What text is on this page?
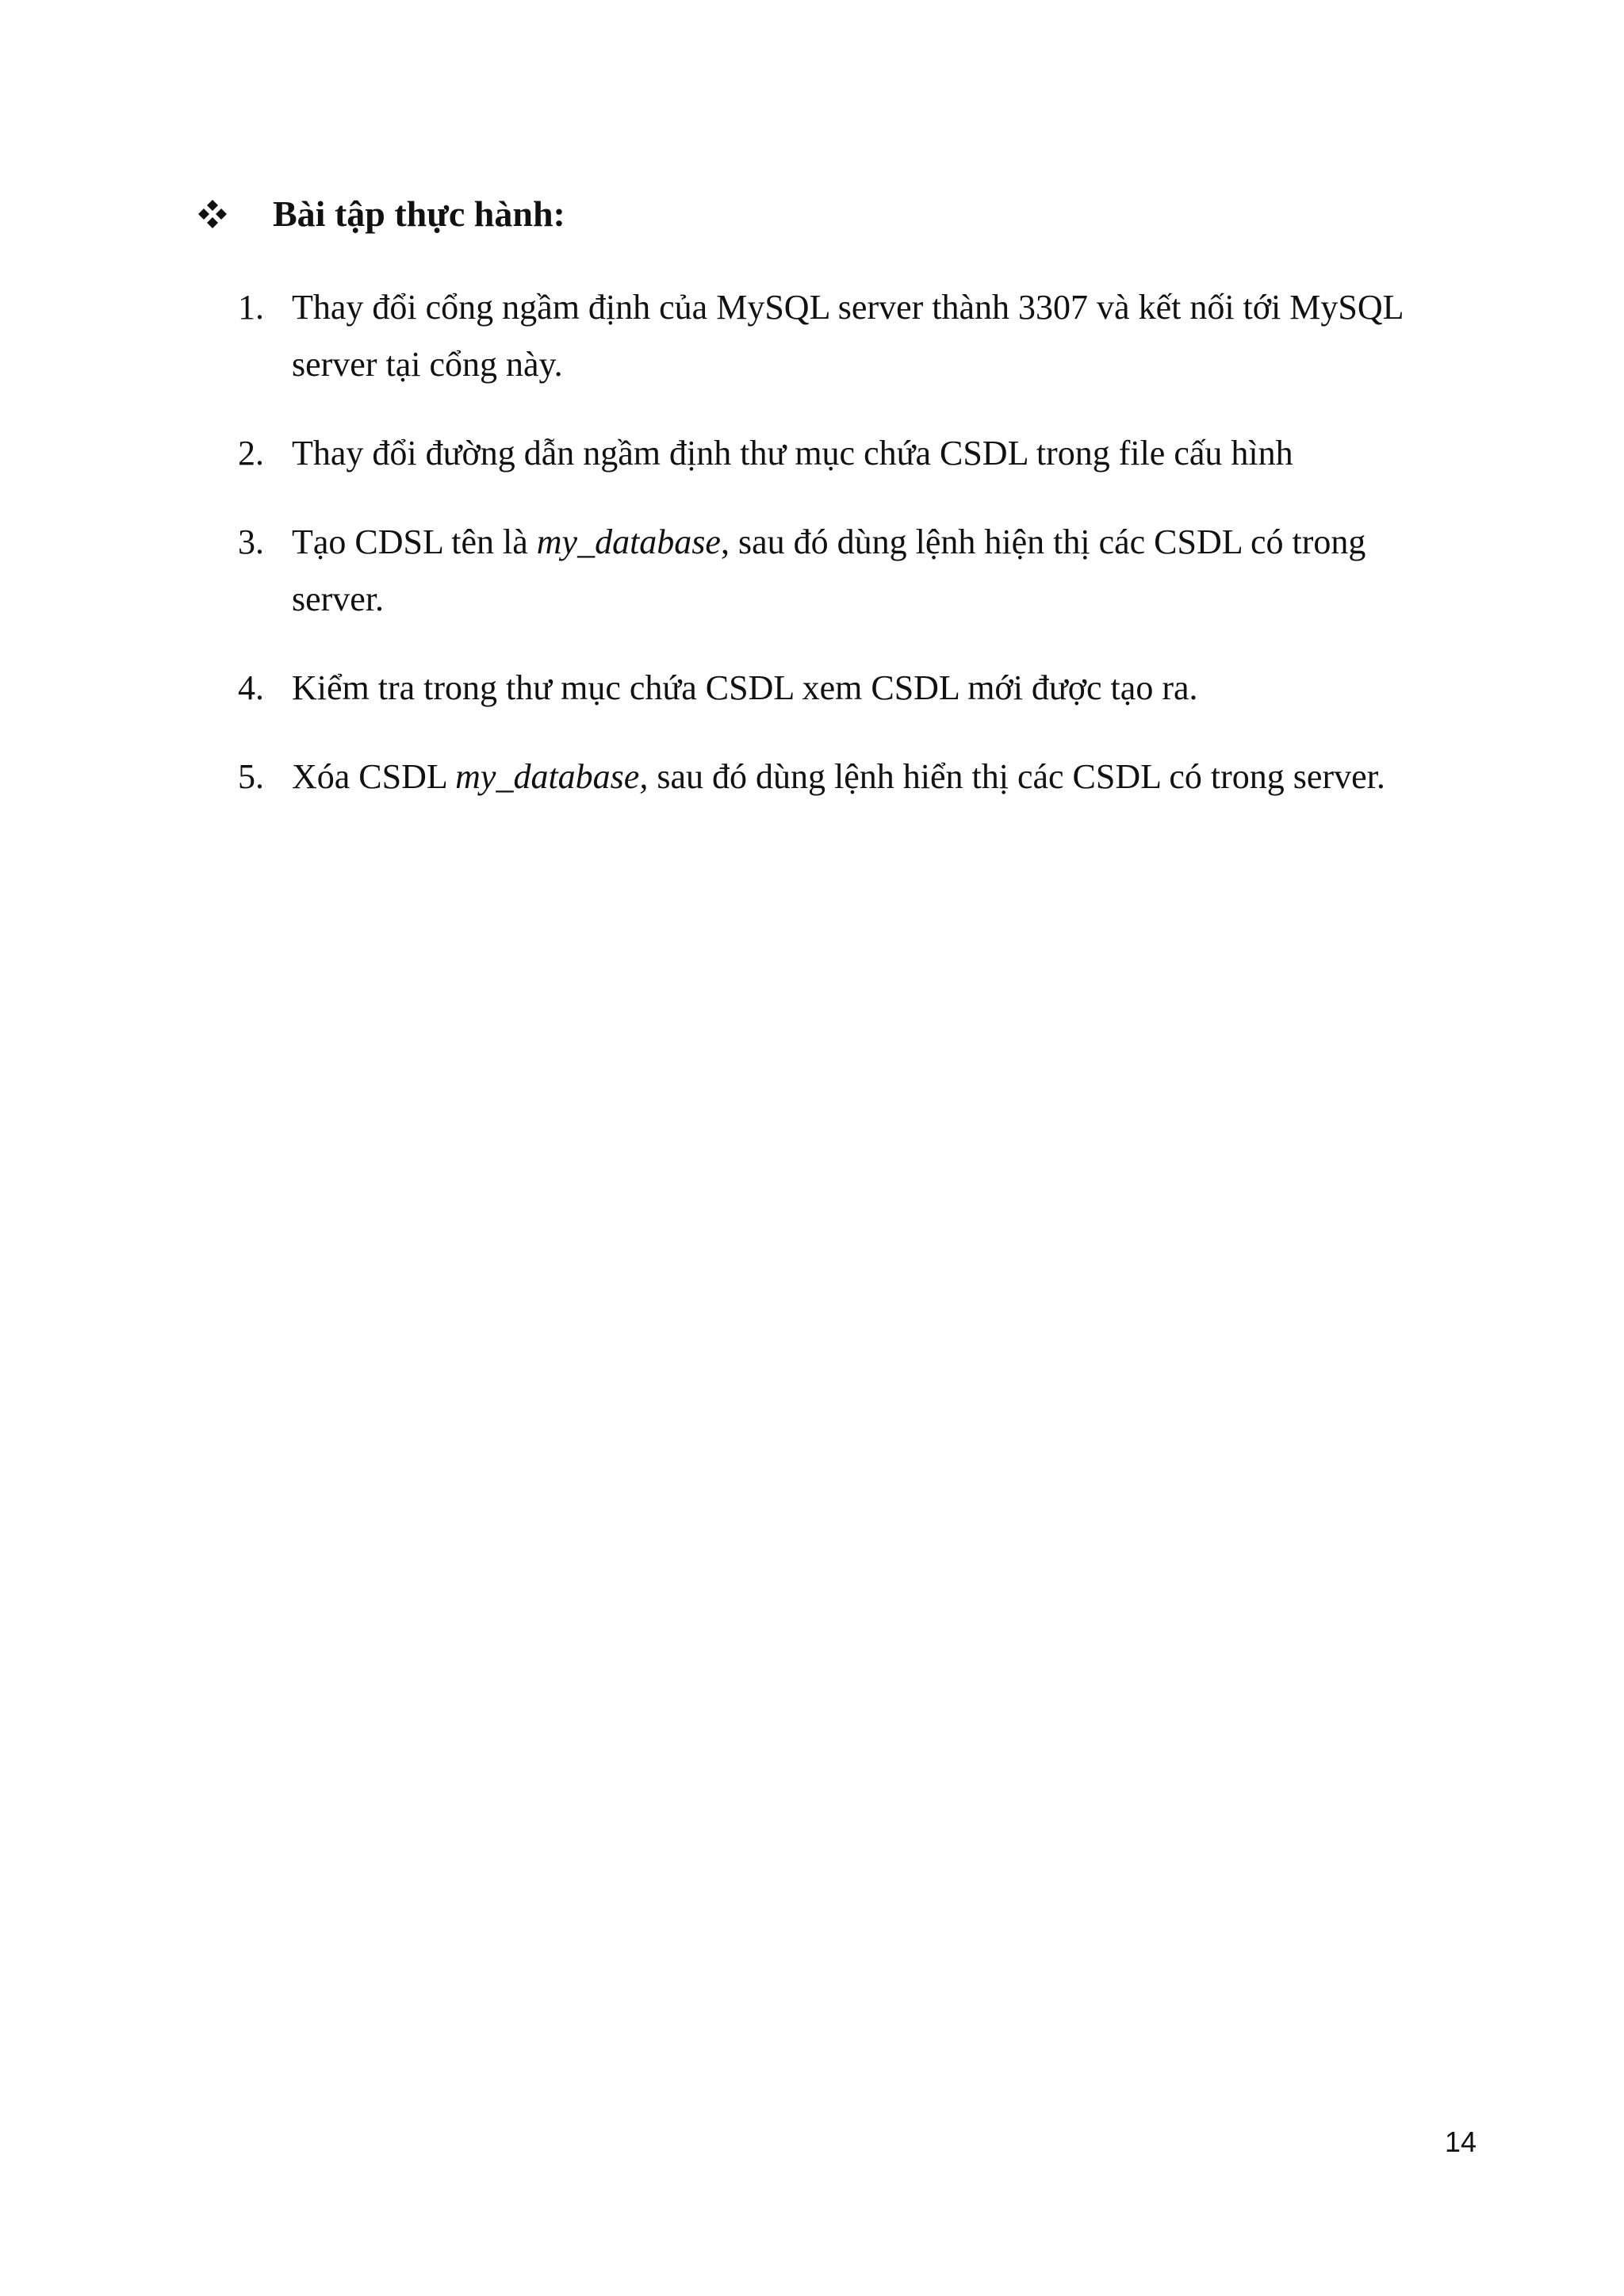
Bài tập thực hành:
1. Thay đổi cổng ngầm định của MySQL server thành 3307 và kết nối tới MySQL server tại cổng này.
2. Thay đổi đường dẫn ngầm định thư mục chứa CSDL trong file cấu hình
3. Tạo CDSL tên là my_database, sau đó dùng lệnh hiện thị các CSDL có trong server.
4. Kiểm tra trong thư mục chứa CSDL xem CSDL mới được tạo ra.
5. Xóa CSDL my_database, sau đó dùng lệnh hiển thị các CSDL có trong server.
14
